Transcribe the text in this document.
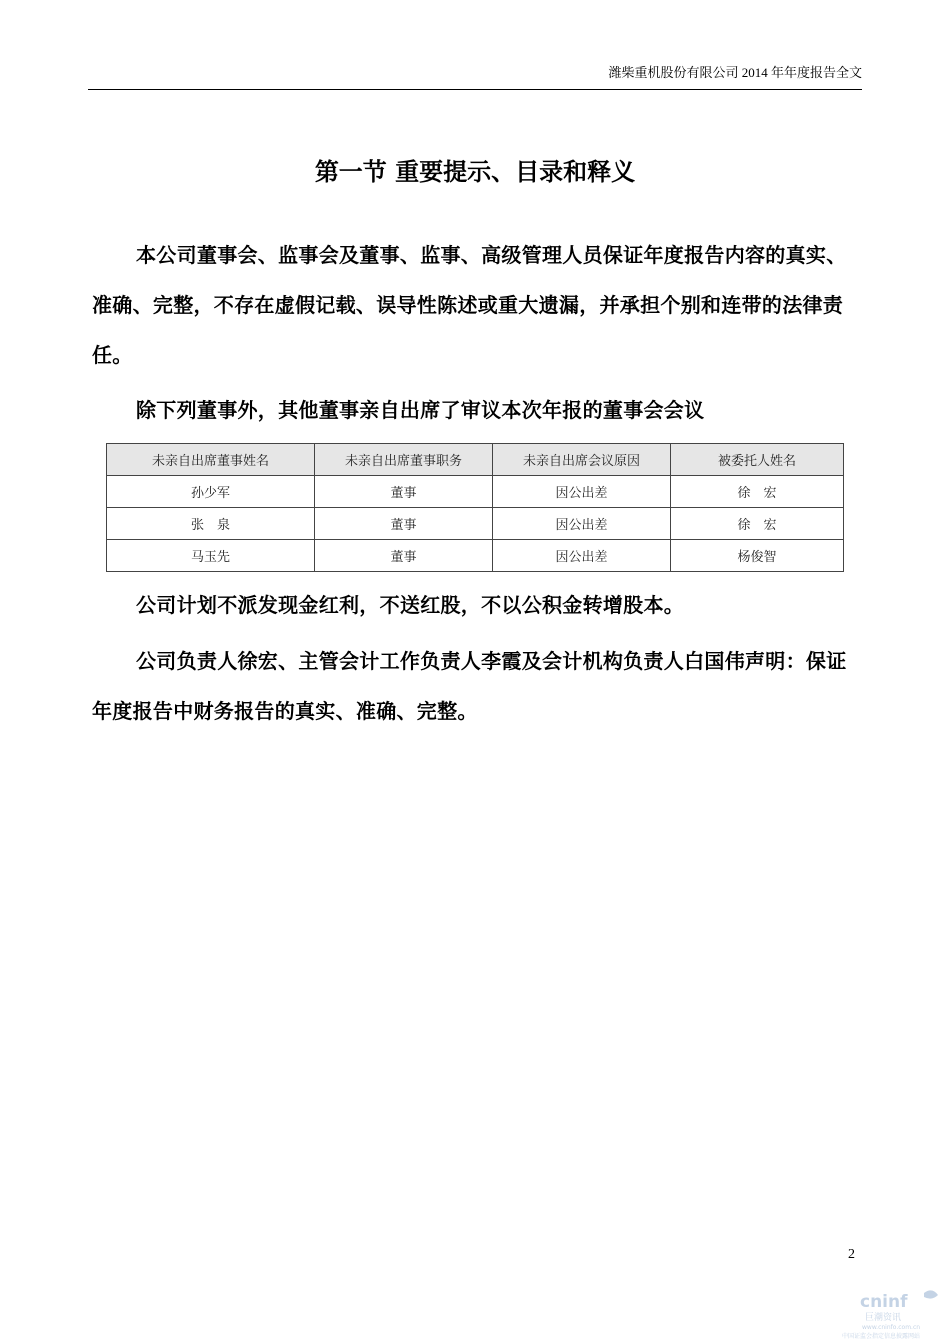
潍柴重机股份有限公司 2014 年年度报告全文
第一节 重要提示、目录和释义
本公司董事会、监事会及董事、监事、高级管理人员保证年度报告内容的真实、准确、完整，不存在虚假记载、误导性陈述或重大遗漏，并承担个别和连带的法律责任。
除下列董事外，其他董事亲自出席了审议本次年报的董事会会议
未亲自出席董事姓名	未亲自出席董事职务	未亲自出席会议原因	被委托人姓名
孙少军	董事	因公出差	徐　宏
张　泉	董事	因公出差	徐　宏
马玉先	董事	因公出差	杨俊智
公司计划不派发现金红利，不送红股，不以公积金转增股本。
公司负责人徐宏、主管会计工作负责人李霞及会计机构负责人白国伟声明：保证年度报告中财务报告的真实、准确、完整。
2
cninf
巨潮资讯
www.cninfo.com.cn
中国证监会指定信息披露网站
